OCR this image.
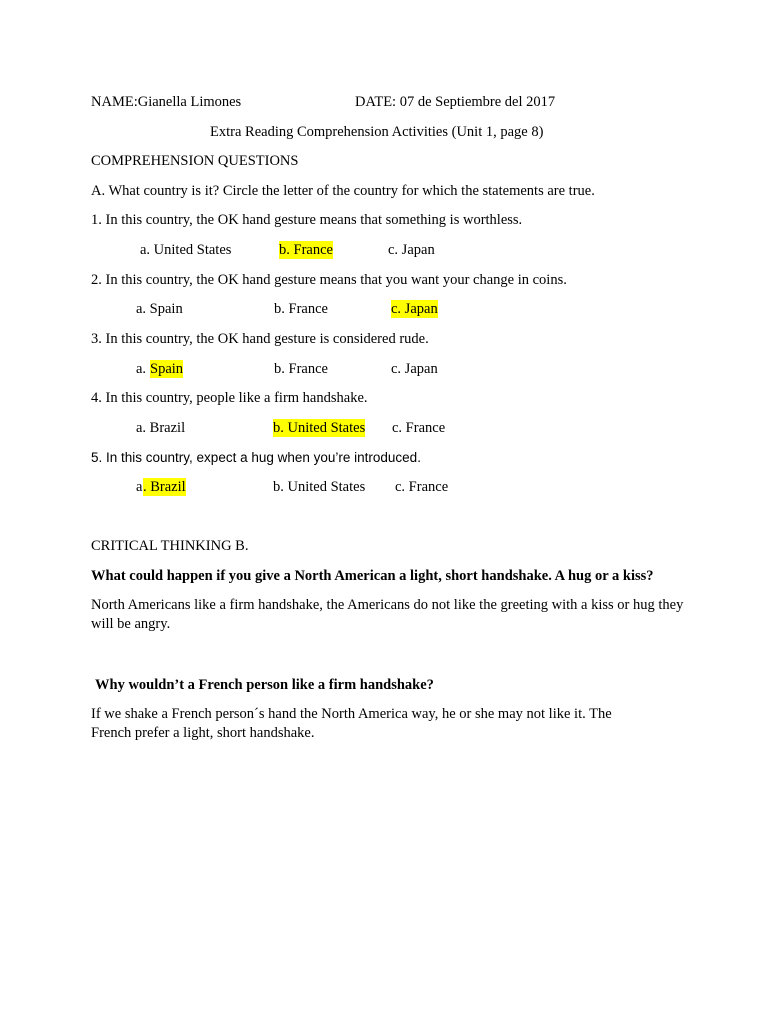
NAME:Gianella Limones	DATE: 07 de Septiembre del 2017
Extra Reading Comprehension Activities (Unit 1, page 8)
COMPREHENSION QUESTIONS
A. What country is it? Circle the letter of the country for which the statements are true.
1. In this country, the OK hand gesture means that something is worthless.
a. United States	b. France	c. Japan
2. In this country, the OK hand gesture means that you want your change in coins.
a. Spain	b. France	c. Japan
3. In this country, the OK hand gesture is considered rude.
a. Spain	b. France	c. Japan
4. In this country, people like a firm handshake.
a. Brazil	b. United States c. France
5. In this country, expect a hug when you’re introduced.
a . Brazil	b. United States c. France
CRITICAL THINKING B.
What could happen if you give a North American a light, short handshake. A hug or a kiss?
North Americans like a firm handshake, the Americans do not like the greeting with a kiss or hug they will be angry.
Why wouldn’t a French person like a firm handshake?
If we shake a French person´s hand the North America way, he or she may not like it. The French prefer a light, short handshake.
